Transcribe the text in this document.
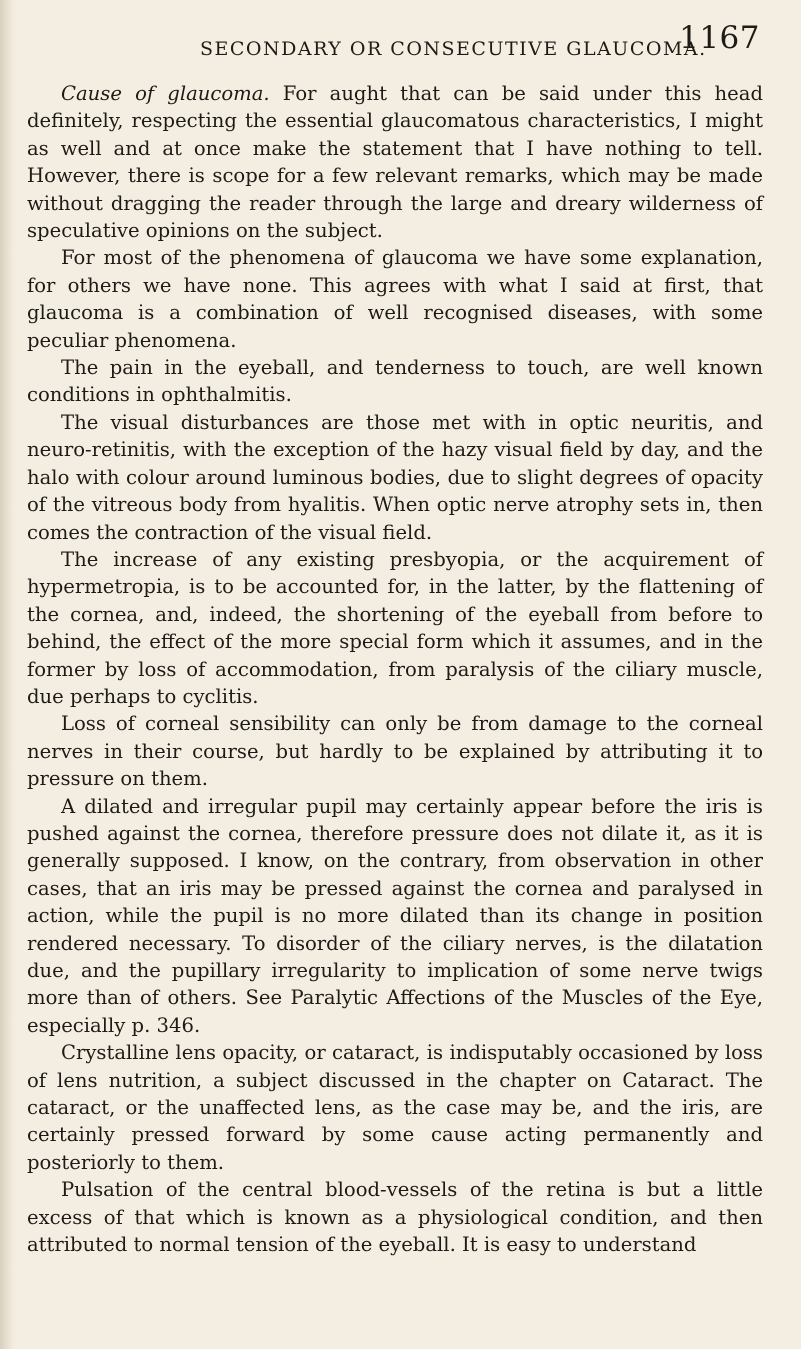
SECONDARY OR CONSECUTIVE GLAUCOMA.
1167

Cause of glaucoma. For aught that can be said under this head definitely, respecting the essential glaucomatous characteristics, I might as well and at once make the statement that I have nothing to tell. However, there is scope for a few relevant remarks, which may be made without dragging the reader through the large and dreary wilderness of speculative opinions on the subject.

For most of the phenomena of glaucoma we have some explanation, for others we have none. This agrees with what I said at first, that glaucoma is a combination of well recognised diseases, with some peculiar phenomena.

The pain in the eyeball, and tenderness to touch, are well known conditions in ophthalmitis.

The visual disturbances are those met with in optic neuritis, and neuro-retinitis, with the exception of the hazy visual field by day, and the halo with colour around luminous bodies, due to slight degrees of opacity of the vitreous body from hyalitis. When optic nerve atrophy sets in, then comes the contraction of the visual field.

The increase of any existing presbyopia, or the acquirement of hypermetropia, is to be accounted for, in the latter, by the flattening of the cornea, and, indeed, the shortening of the eyeball from before to behind, the effect of the more special form which it assumes, and in the former by loss of accommodation, from paralysis of the ciliary muscle, due perhaps to cyclitis.

Loss of corneal sensibility can only be from damage to the corneal nerves in their course, but hardly to be explained by attributing it to pressure on them.

A dilated and irregular pupil may certainly appear before the iris is pushed against the cornea, therefore pressure does not dilate it, as it is generally supposed. I know, on the contrary, from observation in other cases, that an iris may be pressed against the cornea and paralysed in action, while the pupil is no more dilated than its change in position rendered necessary. To disorder of the ciliary nerves, is the dilatation due, and the pupillary irregularity to implication of some nerve twigs more than of others. See Paralytic Affections of the Muscles of the Eye, especially p. 346.

Crystalline lens opacity, or cataract, is indisputably occasioned by loss of lens nutrition, a subject discussed in the chapter on Cataract. The cataract, or the unaffected lens, as the case may be, and the iris, are certainly pressed forward by some cause acting permanently and posteriorly to them.

Pulsation of the central blood-vessels of the retina is but a little excess of that which is known as a physiological condition, and then attributed to normal tension of the eyeball. It is easy to understand
